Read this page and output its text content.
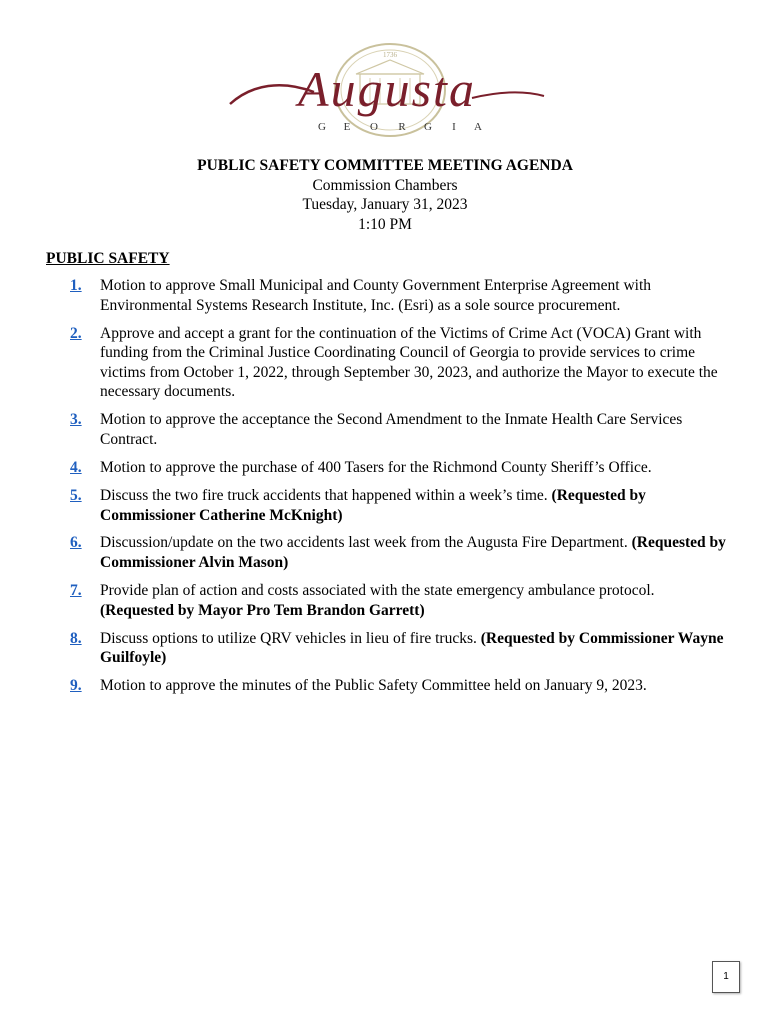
1736
Augusta
G E O R G I A
PUBLIC SAFETY COMMITTEE MEETING AGENDA
Commission Chambers
Tuesday, January 31, 2023
1:10 PM
PUBLIC SAFETY
1.	Motion to approve Small Municipal and County Government Enterprise Agreement with Environmental Systems Research Institute, Inc. (Esri) as a sole source procurement.
2.	Approve and accept a grant for the continuation of the Victims of Crime Act (VOCA) Grant with funding from the Criminal Justice Coordinating Council of Georgia to provide services to crime victims from October 1, 2022, through September 30, 2023, and authorize the Mayor to execute the necessary documents.
3.	Motion to approve the acceptance the Second Amendment to the Inmate Health Care Services Contract.
4.	Motion to approve the purchase of 400 Tasers for the Richmond County Sheriff’s Office.
5.	Discuss the two fire truck accidents that happened within a week’s time. (Requested by Commissioner Catherine McKnight)
6.	Discussion/update on the two accidents last week from the Augusta Fire Department. (Requested by Commissioner Alvin Mason)
7.	Provide plan of action and costs associated with the state emergency ambulance protocol. (Requested by Mayor Pro Tem Brandon Garrett)
8.	Discuss options to utilize QRV vehicles in lieu of fire trucks. (Requested by Commissioner Wayne Guilfoyle)
9.	Motion to approve the minutes of the Public Safety Committee held on January 9, 2023.
1
